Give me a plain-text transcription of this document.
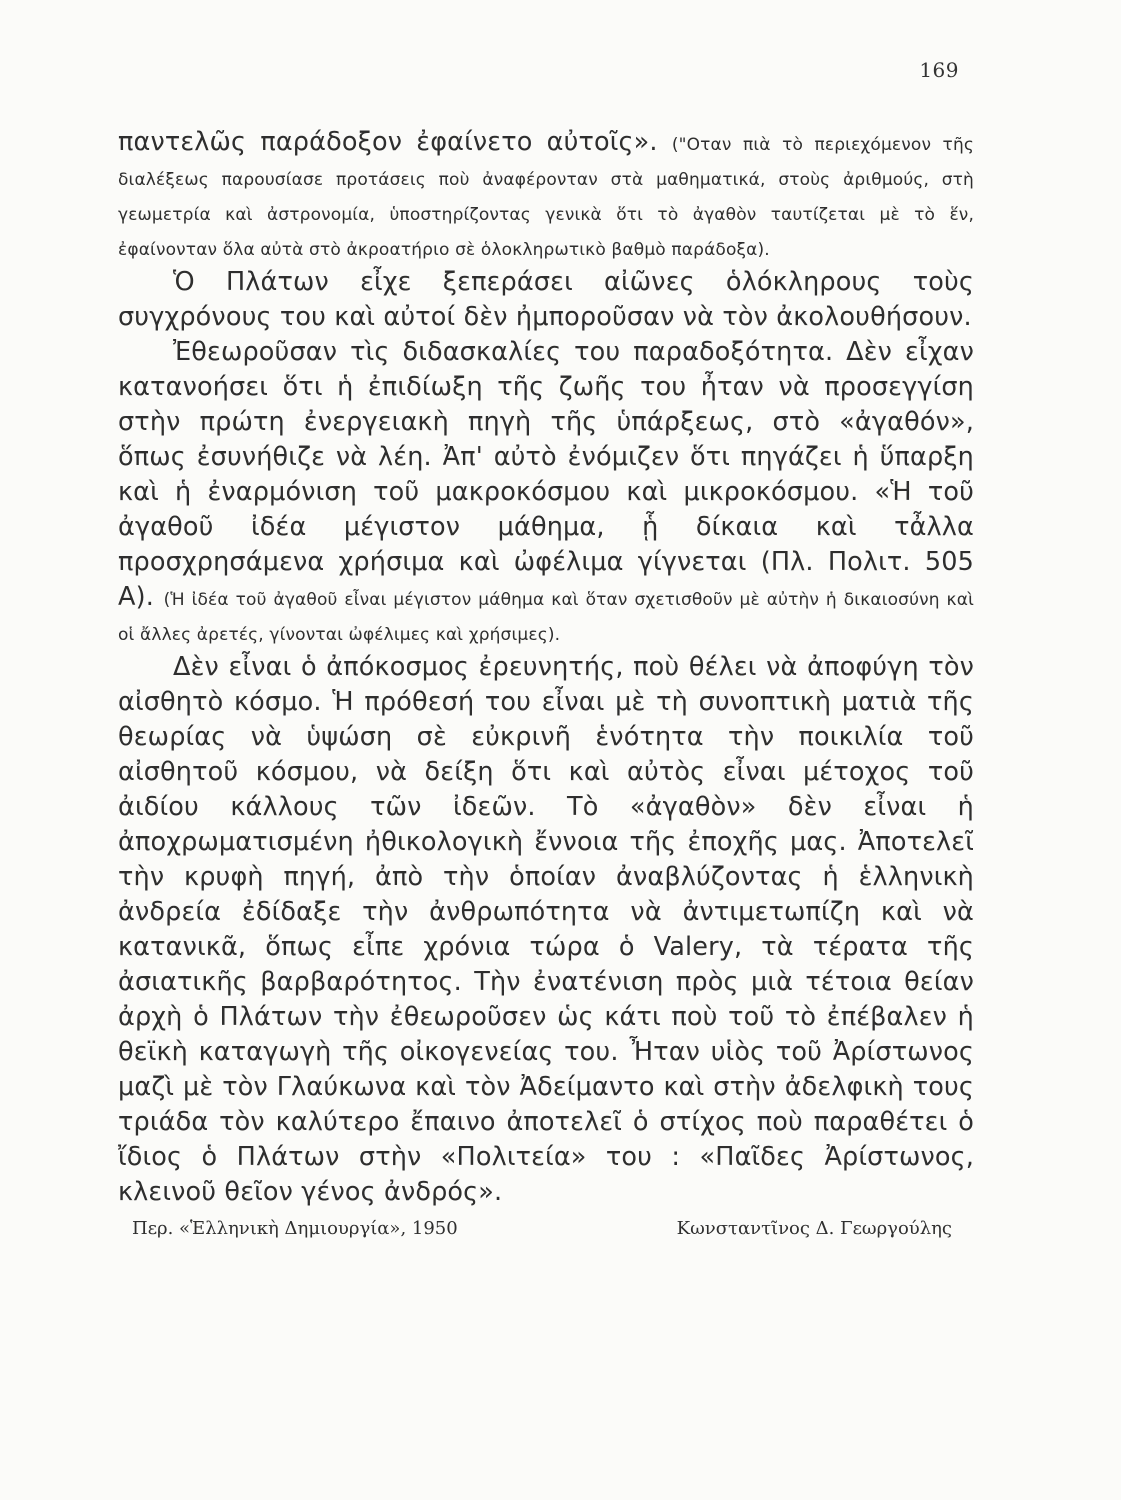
169

παντελῶς παράδοξον ἐφαίνετο αὐτοῖς». ("Οταν πιὰ τὸ περιεχόμενον τῆς διαλέξεως παρουσίασε προτάσεις ποὺ ἀναφέρονταν στὰ μαθηματικά, στοὺς ἀριθμούς, στὴ γεωμετρία καὶ ἀστρονομία, ὑποστηρίζοντας γενικὰ ὅτι τὸ ἀγαθὸν ταυτίζεται μὲ τὸ ἕν, ἐφαίνονταν ὅλα αὐτὰ στὸ ἀκροατήριο σὲ ὁλοκληρωτικὸ βαθμὸ παράδοξα).

Ὁ Πλάτων εἶχε ξεπεράσει αἰῶνες ὁλόκληρους τοὺς συγχρόνους του καὶ αὐτοί δὲν ἠμποροῦσαν νὰ τὸν ἀκολουθήσουν.

Ἐθεωροῦσαν τὶς διδασκαλίες του παραδοξότητα. Δὲν εἶχαν κατανοήσει ὅτι ἡ ἐπιδίωξη τῆς ζωῆς του ἦταν νὰ προσεγγίση στὴν πρώτη ἐνεργειακὴ πηγὴ τῆς ὑπάρξεως, στὸ «ἀγαθόν», ὅπως ἐσυνήθιζε νὰ λέη. Ἀπ' αὐτὸ ἐνόμιζεν ὅτι πηγάζει ἡ ὕπαρξη καὶ ἡ ἐναρμόνιση τοῦ μακροκόσμου καὶ μικροκόσμου. «Ἡ τοῦ ἀγαθοῦ ἰδέα μέγιστον μάθημα, ᾗ δίκαια καὶ τἆλλα προσχρησάμενα χρήσιμα καὶ ὠφέλιμα γίγνεται (Πλ. Πολιτ. 505 Α). (Ἡ ἰδέα τοῦ ἀγαθοῦ εἶναι μέγιστον μάθημα καὶ ὅταν σχετισθοῦν μὲ αὐτὴν ἡ δικαιοσύνη καὶ οἱ ἄλλες ἀρετές, γίνονται ὠφέλιμες καὶ χρήσιμες).

Δὲν εἶναι ὁ ἀπόκοσμος ἐρευνητής, ποὺ θέλει νὰ ἀποφύγη τὸν αἰσθητὸ κόσμο. Ἡ πρόθεσή του εἶναι μὲ τὴ συνοπτικὴ ματιὰ τῆς θεωρίας νὰ ὑψώση σὲ εὐκρινῆ ἑνότητα τὴν ποικιλία τοῦ αἰσθητοῦ κόσμου, νὰ δείξη ὅτι καὶ αὐτὸς εἶναι μέτοχος τοῦ ἀιδίου κάλλους τῶν ἰδεῶν. Τὸ «ἀγαθὸν» δὲν εἶναι ἡ ἀποχρωματισμένη ἠθικολογικὴ ἔννοια τῆς ἐποχῆς μας. Ἀποτελεῖ τὴν κρυφὴ πηγή, ἀπὸ τὴν ὁποίαν ἀναβλύζοντας ἡ ἑλληνικὴ ἀνδρεία ἐδίδαξε τὴν ἀνθρωπότητα νὰ ἀντιμετωπίζη καὶ νὰ κατανικᾶ, ὅπως εἶπε χρόνια τώρα ὁ Valery, τὰ τέρατα τῆς ἀσιατικῆς βαρβαρότητος. Τὴν ἐνατένιση πρὸς μιὰ τέτοια θείαν ἀρχὴ ὁ Πλάτων τὴν ἐθεωροῦσεν ὡς κάτι ποὺ τοῦ τὸ ἐπέβαλεν ἡ θεϊκὴ καταγωγὴ τῆς οἰκογενείας του. Ἦταν υἱὸς τοῦ Ἀρίστωνος μαζὶ μὲ τὸν Γλαύκωνα καὶ τὸν Ἀδείμαντο καὶ στὴν ἀδελφικὴ τους τριάδα τὸν καλύτερο ἔπαινο ἀποτελεῖ ὁ στίχος ποὺ παραθέτει ὁ ἴδιος ὁ Πλάτων στὴν «Πολιτεία» του : «Παῖδες Ἀρίστωνος, κλεινοῦ θεῖον γένος ἀνδρός».

Περ. «Ἑλληνικὴ Δημιουργία», 1950	Κωνσταντῖνος Δ. Γεωργούλης
